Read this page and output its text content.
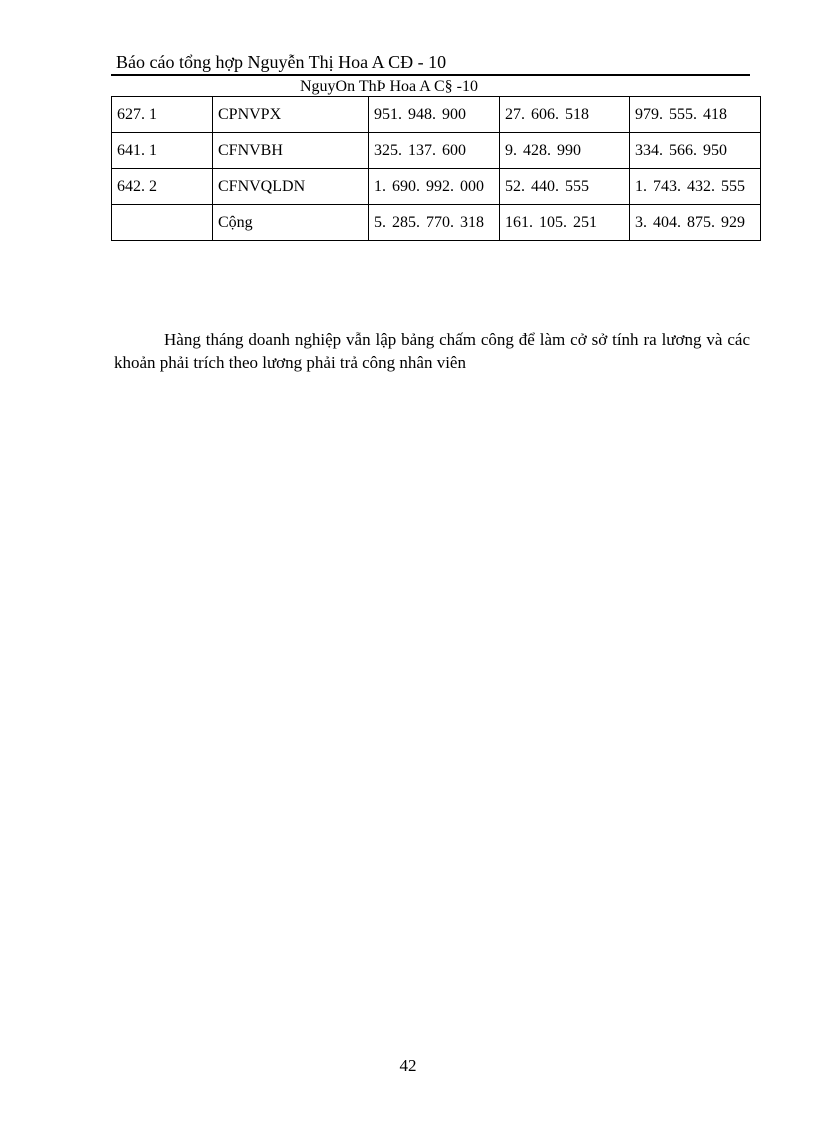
Báo cáo tổng hợp Nguyễn Thị Hoa A CĐ - 10
NguyOn ThÞ Hoa A C§ -10
627. 1	CPNVPX	951. 948. 900	27. 606. 518	979. 555. 418
641. 1	CFNVBH	325. 137. 600	9. 428. 990	334. 566. 950
642. 2	CFNVQLDN	1. 690. 992. 000	52. 440. 555	1. 743. 432. 555
	Cộng	5. 285. 770. 318	161. 105. 251	3. 404. 875. 929

Hàng tháng doanh nghiệp vẫn lập bảng chấm công để làm cở sở tính ra lương và các khoản phải trích theo lương phải trả công nhân viên

42
